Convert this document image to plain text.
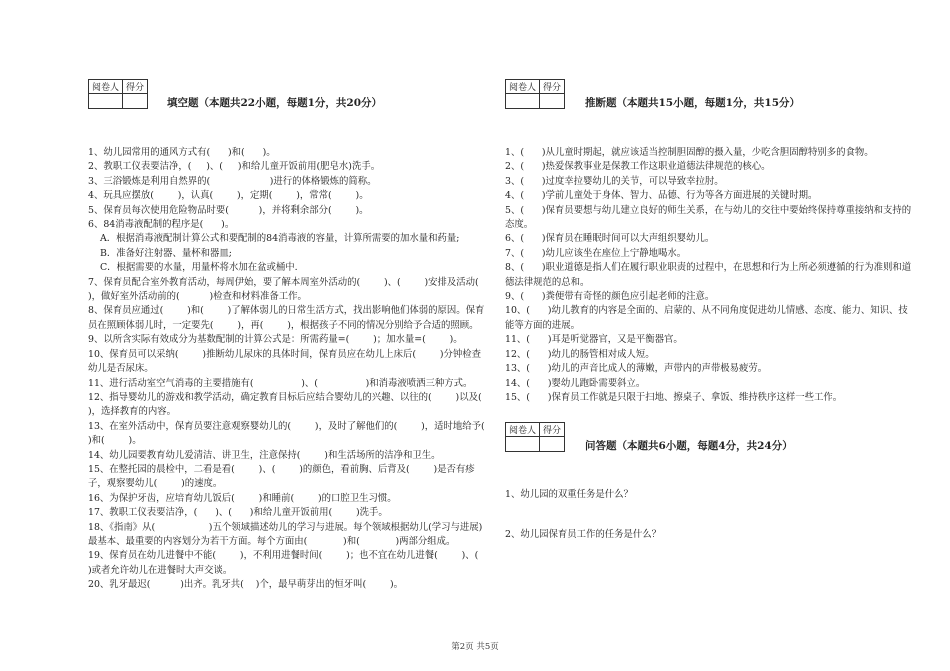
阅卷人	得分

填空题（本题共22小题，每题1分，共20分）
1、幼儿园常用的通风方式有(      )和(      )。
2、教职工仪表要洁净，(     )、(     )和给儿童开饭前用(肥皂水)洗手。
3、三浴锻炼是利用自然界的(                    )进行的体格锻炼的简称。
4、玩具应摆放(        )，认真(        )，定期(        )，常常(        )。
5、保育员每次使用危险物品时要(          )，并将剩余部分(        )。
6、84消毒液配制的程序是(      )。
A．根据消毒液配制计算公式和要配制的84消毒液的容量，计算所需要的加水量和药量;
B．准备好注射器、量杯和器皿;
C．根据需要的水量，用量杯将水加在盆或桶中.
7、保育员配合室外教育活动，每周伊始，要了解本周室外活动的(        )、(        )安排及活动(        )，做好室外活动前的(          )检查和材料准备工作。
8、保育员应通过(        )和(        )了解体弱儿的日常生活方式，找出影响他们体弱的原因。保育员在照顾体弱儿时，一定要先(        )，再(        )，根据孩子不同的情况分别给予合适的照顾。
9、以所含实际有效成分为基数配制的计算公式是：所需药量=(        )；加水量=(        )。
10、保育员可以采纳(        )推断幼儿尿床的具体时间，保育员应在幼儿上床后(        )分钟检查幼儿是否尿床。
11、进行活动室空气消毒的主要措施有(                )、(                )和消毒液喷洒三种方式。
12、指导婴幼儿的游戏和教学活动，确定教育目标后应结合婴幼儿的兴趣、以往的(        )以及(        )，选择教育的内容。
13、在室外活动中，保育员要注意观察婴幼儿的(        )，及时了解他们的(        )，适时地给予(        )和(        )。
14、幼儿园要教育幼儿爱清洁、讲卫生，注意保持(        )和生活场所的洁净和卫生。
15、在整托园的晨检中，二看是看(        )、(        )的颜色，看前胸、后背及(        )是否有疹子，观察婴幼儿(        )的速度。
16、为保护牙齿，应培育幼儿饭后(        )和睡前(        )的口腔卫生习惯。
17、教职工仪表要洁净，(      )、(      )和给儿童开饭前用(        )洗手。
18、《指南》从(                  )五个领域描述幼儿的学习与进展。每个领域根据幼儿(学习与进展)最基本、最重要的内容划分为若干方面。每个方面由(            )和(            )两部分组成。
19、保育员在幼儿进餐中不能(        )，不利用进餐时间(        )；也不宜在幼儿进餐(        )、(        )或者允许幼儿在进餐时大声交谈。
20、乳牙最迟(          )出齐。乳牙共(    )个，最早萌芽出的恒牙叫(        )。
阅卷人	得分

推断题（本题共15小题，每题1分，共15分）
1、(      )从儿童时期起，就应该适当控制胆固醇的摄入量，少吃含胆固醇特别多的食物。
2、(      )热爱保教事业是保教工作这职业道德法律规范的核心。
3、(      )过度幸拉婴幼儿的关节，可以导致幸拉肘。
4、(      )学前儿童处于身体、智力、品德、行为等各方面进展的关键时期。
5、(      )保育员要想与幼儿建立良好的师生关系，在与幼儿的交往中要始终保持尊重接纳和支持的态度。
6、(      )保育员在睡眠时间可以大声组织婴幼儿。
7、(      )幼儿应该坐在座位上宁静地喝水。
8、(      )职业道德是指人们在履行职业职责的过程中，在思想和行为上所必须遵循的行为准则和道德法律规范的总和。
9、(      )粪便带有奇怪的颜色应引起老师的注意。
10、(      )幼儿教育的内容是全面的、启蒙的、从不同角度促进幼儿情感、态度、能力、知识、技能等方面的进展。
11、(      )耳是听觉器官，又是平衡器官。
12、(      )幼儿的肠管相对成人短。
13、(      )幼儿的声音比成人的薄嫩，声带内的声带极易疲劳。
14、(      )婴幼儿跑卧需要斜立。
15、(      )保育员工作就是只限于扫地、擦桌子、拿饭、维持秩序这样一些工作。
阅卷人	得分

问答题（本题共6小题，每题4分，共24分）
1、幼儿园的双重任务是什么？
2、幼儿园保育员工作的任务是什么？
第2页 共5页
